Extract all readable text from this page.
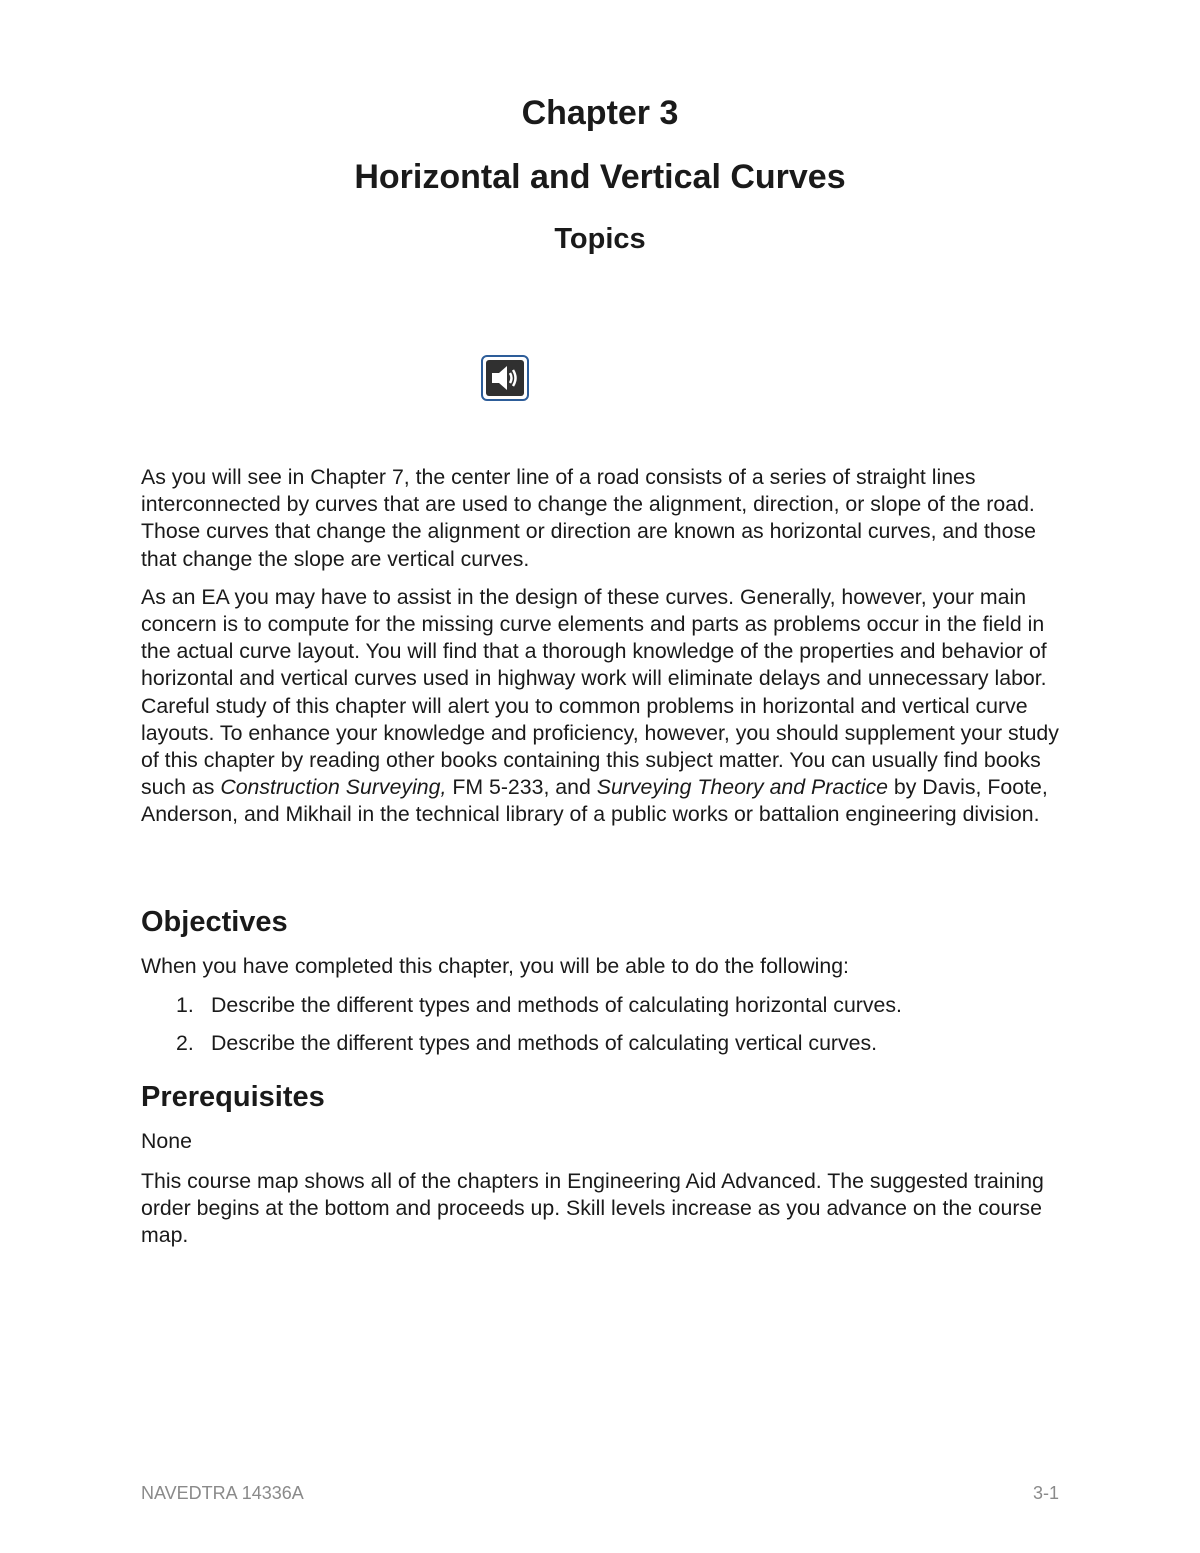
Chapter 3
Horizontal and Vertical Curves
Topics

As you will see in Chapter 7, the center line of a road consists of a series of straight lines interconnected by curves that are used to change the alignment, direction, or slope of the road. Those curves that change the alignment or direction are known as horizontal curves, and those that change the slope are vertical curves.

As an EA you may have to assist in the design of these curves. Generally, however, your main concern is to compute for the missing curve elements and parts as problems occur in the field in the actual curve layout. You will find that a thorough knowledge of the properties and behavior of horizontal and vertical curves used in highway work will eliminate delays and unnecessary labor. Careful study of this chapter will alert you to common problems in horizontal and vertical curve layouts. To enhance your knowledge and proficiency, however, you should supplement your study of this chapter by reading other books containing this subject matter. You can usually find books such as Construction Surveying, FM 5-233, and Surveying Theory and Practice by Davis, Foote, Anderson, and Mikhail in the technical library of a public works or battalion engineering division.

Objectives
When you have completed this chapter, you will be able to do the following:
1. Describe the different types and methods of calculating horizontal curves.
2. Describe the different types and methods of calculating vertical curves.
Prerequisites
None

This course map shows all of the chapters in Engineering Aid Advanced. The suggested training order begins at the bottom and proceeds up. Skill levels increase as you advance on the course map.

NAVEDTRA 14336A	3-1
